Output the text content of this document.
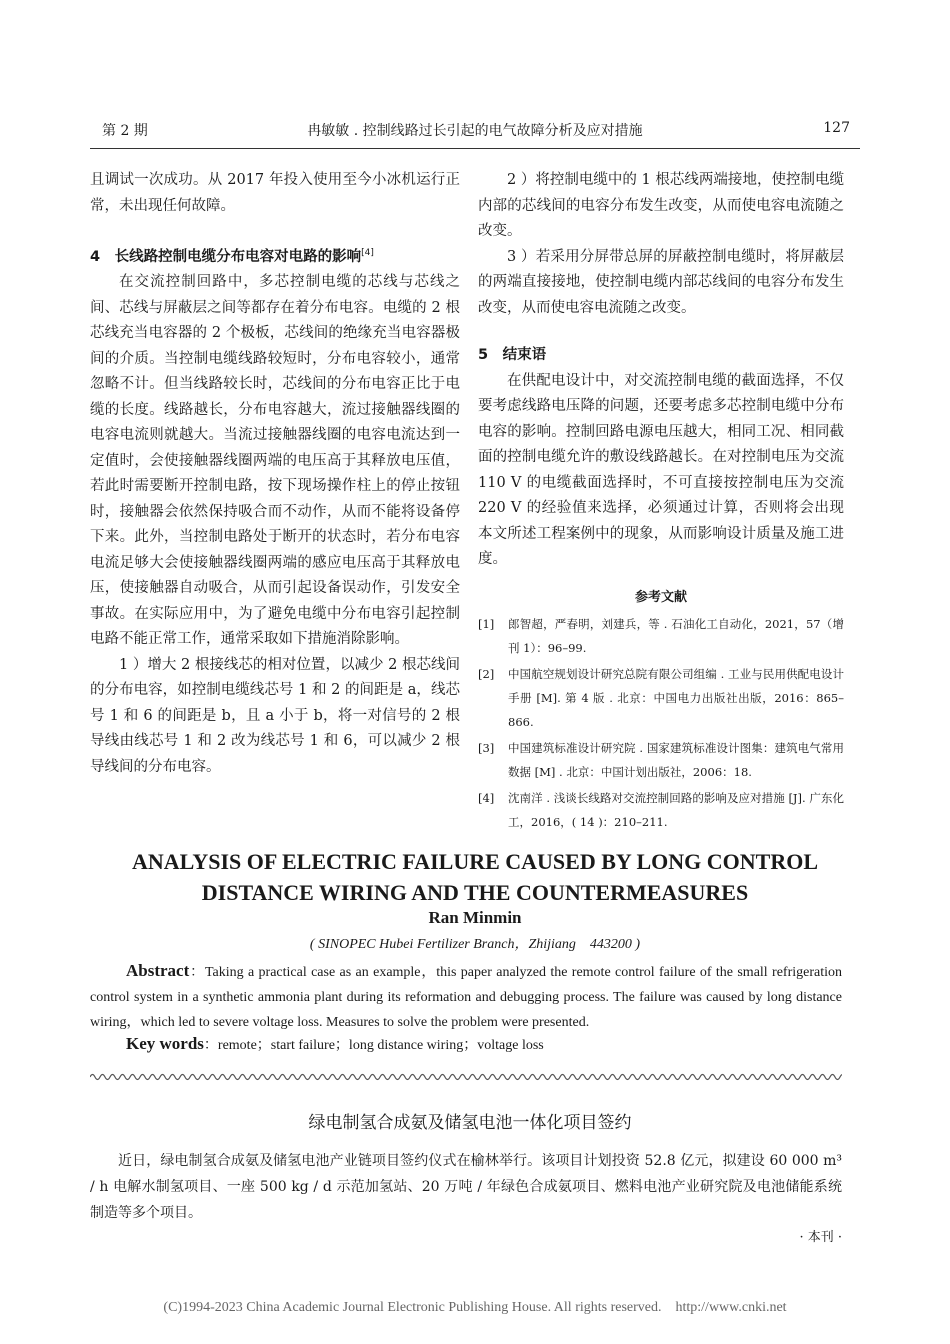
第 2 期	冉敏敏 . 控制线路过长引起的电气故障分析及应对措施	127

且调试一次成功。从 2017 年投入使用至今小冰机运行正常，未出现任何故障。

4　长线路控制电缆分布电容对电路的影响[4]

在交流控制回路中，多芯控制电缆的芯线与芯线之间、芯线与屏蔽层之间等都存在着分布电容。电缆的 2 根芯线充当电容器的 2 个极板，芯线间的绝缘充当电容器极间的介质。当控制电缆线路较短时，分布电容较小，通常忽略不计。但当线路较长时，芯线间的分布电容正比于电缆的长度。线路越长，分布电容越大，流过接触器线圈的电容电流则就越大。当流过接触器线圈的电容电流达到一定值时，会使接触器线圈两端的电压高于其释放电压值，若此时需要断开控制电路，按下现场操作柱上的停止按钮时，接触器会依然保持吸合而不动作，从而不能将设备停下来。此外，当控制电路处于断开的状态时，若分布电容电流足够大会使接触器线圈两端的感应电压高于其释放电压，使接触器自动吸合，从而引起设备误动作，引发安全事故。在实际应用中，为了避免电缆中分布电容引起控制电路不能正常工作，通常采取如下措施消除影响。

1 ）增大 2 根接线芯的相对位置，以减少 2 根芯线间的分布电容，如控制电缆线芯号 1 和 2 的间距是 a，线芯号 1 和 6 的间距是 b，且 a 小于 b，将一对信号的 2 根导线由线芯号 1 和 2 改为线芯号 1 和 6，可以减少 2 根导线间的分布电容。

2 ）将控制电缆中的 1 根芯线两端接地，使控制电缆内部的芯线间的电容分布发生改变，从而使电容电流随之改变。

3 ）若采用分屏带总屏的屏蔽控制电缆时，将屏蔽层的两端直接接地，使控制电缆内部芯线间的电容分布发生改变，从而使电容电流随之改变。

5　结束语

在供配电设计中，对交流控制电缆的截面选择，不仅要考虑线路电压降的问题，还要考虑多芯控制电缆中分布电容的影响。控制回路电源电压越大，相同工况、相同截面的控制电缆允许的敷设线路越长。在对控制电压为交流 110 V 的电缆截面选择时，不可直接按控制电压为交流 220 V 的经验值来选择，必须通过计算，否则将会出现本文所述工程案例中的现象，从而影响设计质量及施工进度。

参考文献

[1] 郎智超，严春明，刘建兵，等 . 石油化工自动化，2021，57（增刊 1）：96–99.

[2] 中国航空规划设计研究总院有限公司组编 . 工业与民用供配电设计手册 [M]. 第 4 版 . 北京：中国电力出版社出版，2016：865–866.

[3] 中国建筑标准设计研究院 . 国家建筑标准设计图集：建筑电气常用数据 [M] . 北京：中国计划出版社，2006：18.

[4] 沈南洋 . 浅谈长线路对交流控制回路的影响及应对措施 [J]. 广东化工，2016，( 14 )：210–211.

ANALYSIS OF ELECTRIC FAILURE CAUSED BY LONG CONTROL
DISTANCE WIRING AND THE COUNTERMEASURES
Ran Minmin
( SINOPEC Hubei Fertilizer Branch，Zhijiang　443200 )
Abstract：Taking a practical case as an example，this paper analyzed the remote control failure of the small refrigeration control system in a synthetic ammonia plant during its reformation and debugging process. The failure was caused by long distance wiring，which led to severe voltage loss. Measures to solve the problem were presented.
Key words：remote；start failure；long distance wiring；voltage loss
绿电制氢合成氨及储氢电池一体化项目签约

近日，绿电制氢合成氨及储氢电池产业链项目签约仪式在榆林举行。该项目计划投资 52.8 亿元，拟建设 60 000 m³ / h 电解水制氢项目、一座 500 kg / d 示范加氢站、20 万吨 / 年绿色合成氨项目、燃料电池产业研究院及电池储能系统制造等多个项目。

· 本刊 ·
(C)1994-2023 China Academic Journal Electronic Publishing House. All rights reserved.　http://www.cnki.net
